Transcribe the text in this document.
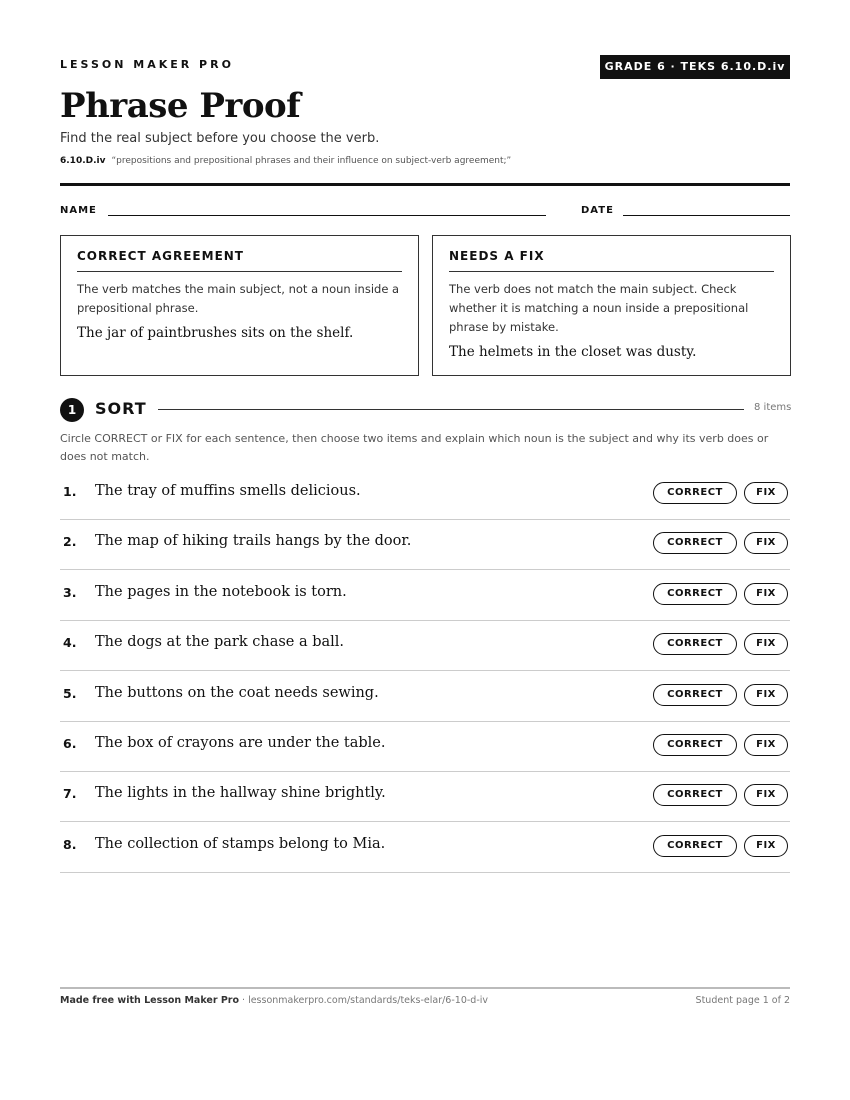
LESSON MAKER PRO	GRADE 6 · TEKS 6.10.D.iv
Phrase Proof
Find the real subject before you choose the verb.
6.10.D.iv “prepositions and prepositional phrases and their influence on subject-verb agreement;”
NAME	DATE
CORRECT AGREEMENT

The verb matches the main subject, not a noun inside a prepositional phrase.

The jar of paintbrushes sits on the shelf.

NEEDS A FIX

The verb does not match the main subject. Check whether it is matching a noun inside a prepositional phrase by mistake.

The helmets in the closet was dusty.

1	SORT	8 items
Circle CORRECT or FIX for each sentence, then choose two items and explain which noun is the subject and why its verb does or does not match.
1. The tray of muffins smells delicious.	CORRECT	FIX
2. The map of hiking trails hangs by the door.	CORRECT	FIX
3. The pages in the notebook is torn.	CORRECT	FIX
4. The dogs at the park chase a ball.	CORRECT	FIX
5. The buttons on the coat needs sewing.	CORRECT	FIX
6. The box of crayons are under the table.	CORRECT	FIX
7. The lights in the hallway shine brightly.	CORRECT	FIX
8. The collection of stamps belong to Mia.	CORRECT	FIX
Made free with Lesson Maker Pro · lessonmakerpro.com/standards/teks-elar/6-10-d-iv	Student page 1 of 2
